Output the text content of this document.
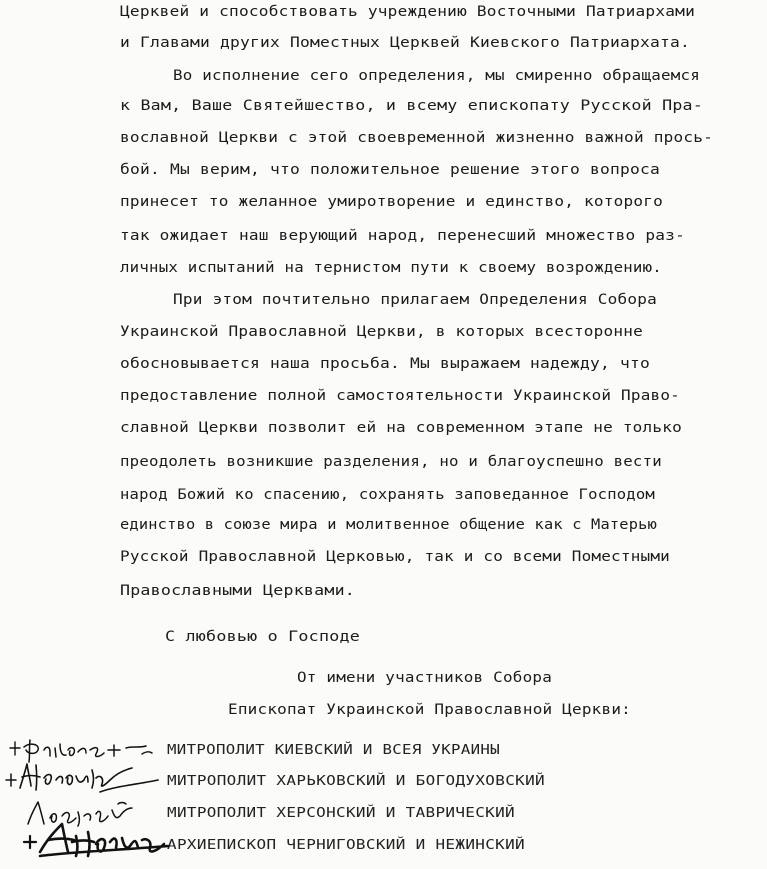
Церквей и способствовать учреждению Восточными Патриархами
и Главами других Поместных Церквей Киевского Патриархата.
Во исполнение сего определения, мы смиренно обращаемся
к Вам, Ваше Святейшество, и всему епископату Русской Пра-
вославной Церкви с этой своевременной жизненно важной прось-
бой. Мы верим, что положительное решение этого вопроса
принесет то желанное умиротворение и единство, которого
так ожидает наш верующий народ, перенесший множество раз-
личных испытаний на тернистом пути к своему возрождению.
При этом почтительно прилагаем Определения Собора
Украинской Православной Церкви, в которых всесторонне
обосновывается наша просьба. Мы выражаем надежду, что
предоставление полной самостоятельности Украинской Право-
славной Церкви позволит ей на современном этапе не только
преодолеть возникшие разделения, но и благоуспешно вести
народ Божий ко спасению, сохранять заповеданное Господом
единство в союзе мира и молитвенное общение как с Матерью
Русской Православной Церковью, так и со всеми Поместными
Православными Церквами.
С любовью о Господе
От имени участников Собора
Епископат Украинской Православной Церкви:
МИТРОПОЛИТ КИЕВСКИЙ И ВСЕЯ УКРАИНЫ
МИТРОПОЛИТ ХАРЬКОВСКИЙ И БОГОДУХОВСКИЙ
МИТРОПОЛИТ ХЕРСОНСКИЙ И ТАВРИЧЕСКИЙ
АРХИЕПИСКОП ЧЕРНИГОВСКИЙ И НЕЖИНСКИЙ
